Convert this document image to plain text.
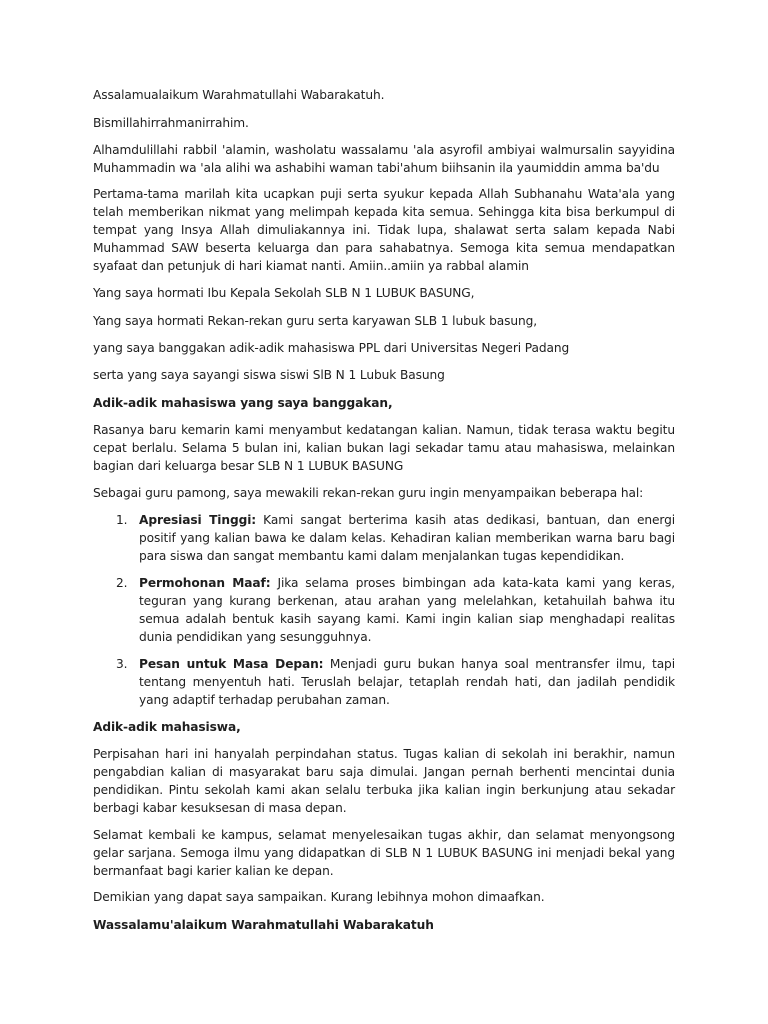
Assalamualaikum Warahmatullahi Wabarakatuh.

Bismillahirrahmanirrahim.

Alhamdulillahi rabbil 'alamin, washolatu wassalamu 'ala asyrofil ambiyai walmursalin sayyidina Muhammadin wa 'ala alihi wa ashabihi waman tabi'ahum biihsanin ila yaumiddin amma ba'du

Pertama-tama marilah kita ucapkan puji serta syukur kepada Allah Subhanahu Wata'ala yang telah memberikan nikmat yang melimpah kepada kita semua. Sehingga kita bisa berkumpul di tempat yang Insya Allah dimuliakannya ini. Tidak lupa, shalawat serta salam kepada Nabi Muhammad SAW beserta keluarga dan para sahabatnya. Semoga kita semua mendapatkan syafaat dan petunjuk di hari kiamat nanti. Amiin..amiin ya rabbal alamin

Yang saya hormati Ibu Kepala Sekolah SLB N 1 LUBUK BASUNG,

Yang saya hormati Rekan-rekan guru serta karyawan SLB 1 lubuk basung,

yang saya banggakan adik-adik mahasiswa PPL dari Universitas Negeri Padang

serta yang saya sayangi siswa siswi SlB N 1 Lubuk Basung

Adik-adik mahasiswa yang saya banggakan,

Rasanya baru kemarin kami menyambut kedatangan kalian. Namun, tidak terasa waktu begitu cepat berlalu. Selama 5 bulan ini, kalian bukan lagi sekadar tamu atau mahasiswa, melainkan bagian dari keluarga besar SLB N 1 LUBUK BASUNG

Sebagai guru pamong, saya mewakili rekan-rekan guru ingin menyampaikan beberapa hal:

1. Apresiasi Tinggi: Kami sangat berterima kasih atas dedikasi, bantuan, dan energi positif yang kalian bawa ke dalam kelas. Kehadiran kalian memberikan warna baru bagi para siswa dan sangat membantu kami dalam menjalankan tugas kependidikan.
2. Permohonan Maaf: Jika selama proses bimbingan ada kata-kata kami yang keras, teguran yang kurang berkenan, atau arahan yang melelahkan, ketahuilah bahwa itu semua adalah bentuk kasih sayang kami. Kami ingin kalian siap menghadapi realitas dunia pendidikan yang sesungguhnya.
3. Pesan untuk Masa Depan: Menjadi guru bukan hanya soal mentransfer ilmu, tapi tentang menyentuh hati. Teruslah belajar, tetaplah rendah hati, dan jadilah pendidik yang adaptif terhadap perubahan zaman.

Adik-adik mahasiswa,

Perpisahan hari ini hanyalah perpindahan status. Tugas kalian di sekolah ini berakhir, namun pengabdian kalian di masyarakat baru saja dimulai. Jangan pernah berhenti mencintai dunia pendidikan. Pintu sekolah kami akan selalu terbuka jika kalian ingin berkunjung atau sekadar berbagi kabar kesuksesan di masa depan.

Selamat kembali ke kampus, selamat menyelesaikan tugas akhir, dan selamat menyongsong gelar sarjana. Semoga ilmu yang didapatkan di SLB N 1 LUBUK BASUNG ini menjadi bekal yang bermanfaat bagi karier kalian ke depan.

Demikian yang dapat saya sampaikan. Kurang lebihnya mohon dimaafkan.

Wassalamu'alaikum Warahmatullahi Wabarakatuh
